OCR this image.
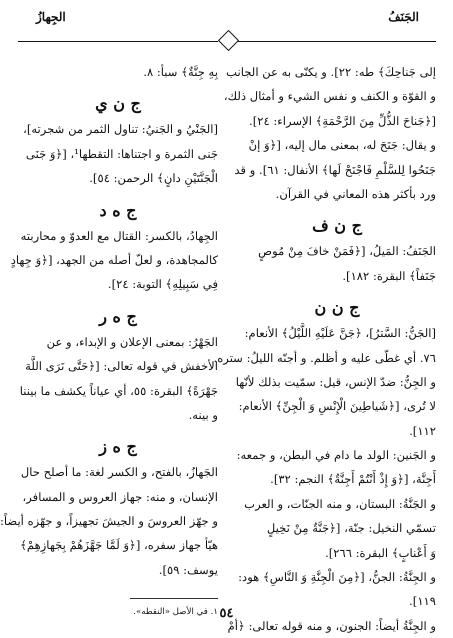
الجَنَفُ
الجِهازُ
إلى جَناحِكَ﴾ طه: ٢٢]. و يكنّى به عن الجانب
و القوّة و الكنف و نفس الشيء و أمثال ذلك،
[﴿جَناحَ الذُّلِّ مِنَ الرَّحْمَةِ﴾ الإسراء: ٢٤].
و يقال: جَنَحَ له، بمعنى مال إليه، [﴿وَ إنْ
جَنَحُوا لِلسَّلْمِ فَاجْنَحْ لَها﴾ الأنفال: ٦١]. و قد
ورد بأكثر هذه المعاني في القرآن.
ج ن ف
الجَنَفُ: المَيلُ، [﴿فَمَنْ خافَ مِنْ مُوصٍ
جَنَفاً﴾ البقرة: ١٨٢].
ج ن ن
[الجَنُّ: السَّترُ]، ﴿جَنَّ عَلَيْهِ اللَّيْلُ﴾ الأنعام:
٧٦. أي غطّى عليه و أظلم. و أجنّه الليلُ: ستره.
و الجِنُّ: ضدّ الإنس، قيل: سمّيت بذلك لأنّها
لا تُرى، [﴿شَياطِينَ الْإِنْسِ وَ الْجِنِّ﴾ الأنعام:
١١٢].
و الجَنين: الولد ما دام في البطن، و جمعه:
أَجِنَّة، [﴿وَ إِذْ أَنْتُمْ أَجِنَّةٌ﴾ النجم: ٣٢].
و الجَنَّةُ: البستان، و منه الجنّات، و العرب
تسمّي النخيل: جنّة، [﴿جَنَّةٌ مِنْ نَخِيلٍ
وَ أَعْنابٍ﴾ البقرة: ٢٦٦].
و الجِنَّةُ: الجنُّ، [﴿مِنَ الْجِنَّةِ وَ النَّاسِ﴾ هود:
١١٩].
و الجِنَّةُ أيضاً: الجنون، و منه قوله تعالى: ﴿أمْ
بِهِ جِنَّةٌ﴾ سبأ: ٨.
ج ن ي
[الجَنْيُ و الجَنيُ: تناول الثمر من شجرته]،
جَنى الثمرة و اجتناها: التقطها¹، [﴿وَ جَنَى
الْجَنَّتَيْنِ دانٍ﴾ الرحمن: ٥٤].
ج ه د
الجِهادُ، بالكسر: القتال مع العدوّ و محاربته
كالمجاهدة، و لعلّ أصله من الجهد، [﴿وَ جِهادٍ
فِي سَبِيلِهِ﴾ التوبة: ٢٤].
ج ه ر
الجَهْرُ: بمعنى الإعلان و الإبداء، و عن
الأخفش في قوله تعالى: [﴿حَتَّى نَرَى اللَّهَ
جَهْرَةً﴾ البقرة: ٥٥، أي عياناً يكشف ما بيننا
و بينه.
ج ه ز
الجَهازُ، بالفتح، و الكسر لغة: ما أصلح حال
الإنسان، و منه: جهاز العروس و المسافر،
و جهّز العروسَ و الجيشَ تجهيزاً، و جهّزه أيضاً:
هيّأ جهاز سفره، [﴿وَ لَمَّا جَهَّزَهُمْ بِجَهازِهِمْ﴾
يوسف: ٥٩].
١. في الأصل «النقطه». ٥٤
